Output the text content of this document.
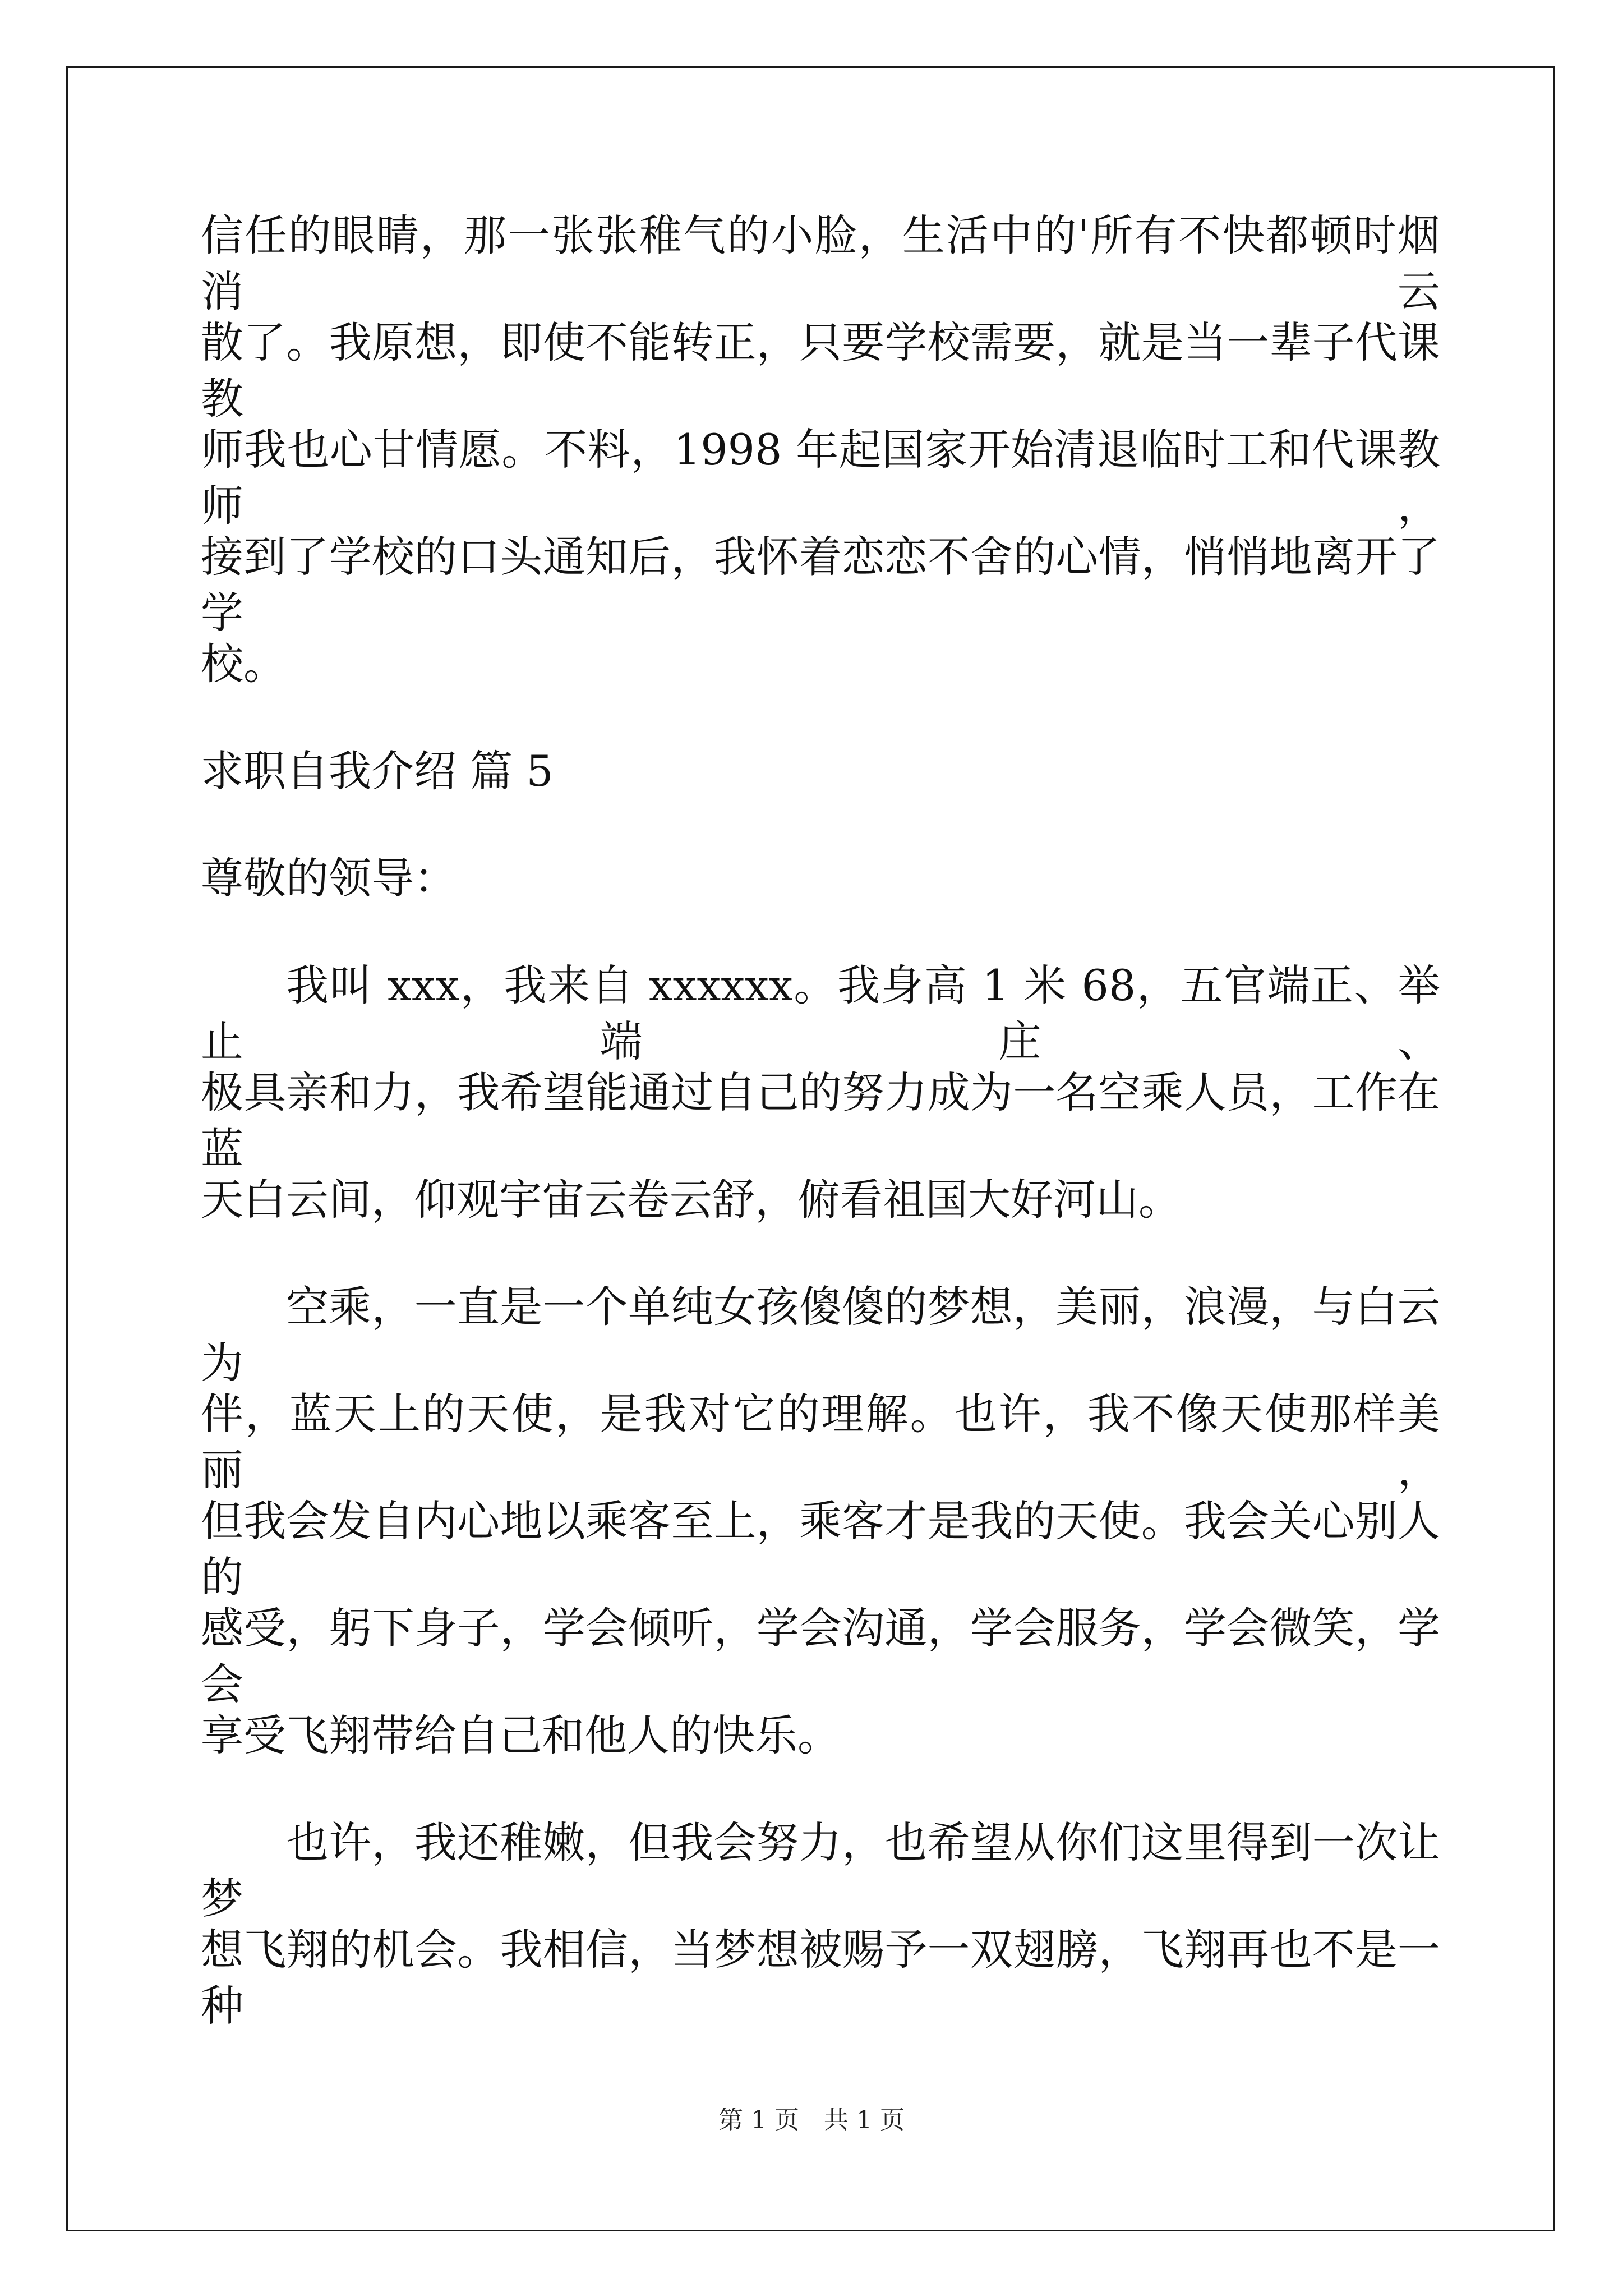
信任的眼睛，那一张张稚气的小脸，生活中的'所有不快都顿时烟消云
散了。我原想，即使不能转正，只要学校需要，就是当一辈子代课教
师我也心甘情愿。不料，1998 年起国家开始清退临时工和代课教师，
接到了学校的口头通知后，我怀着恋恋不舍的心情，悄悄地离开了学
校。
求职自我介绍 篇 5
尊敬的领导：
我叫 xxx，我来自 xxxxxx。我身高 1 米 68，五官端正、举止端庄、
极具亲和力，我希望能通过自己的努力成为一名空乘人员，工作在蓝
天白云间，仰观宇宙云卷云舒，俯看祖国大好河山。
空乘，一直是一个单纯女孩傻傻的梦想，美丽，浪漫，与白云为
伴，蓝天上的天使，是我对它的理解。也许，我不像天使那样美丽，
但我会发自内心地以乘客至上，乘客才是我的天使。我会关心别人的
感受，躬下身子，学会倾听，学会沟通，学会服务，学会微笑，学会
享受飞翔带给自己和他人的快乐。
也许，我还稚嫩，但我会努力，也希望从你们这里得到一次让梦
想飞翔的机会。我相信，当梦想被赐予一双翅膀，飞翔再也不是一种
第 1 页　共 1 页
